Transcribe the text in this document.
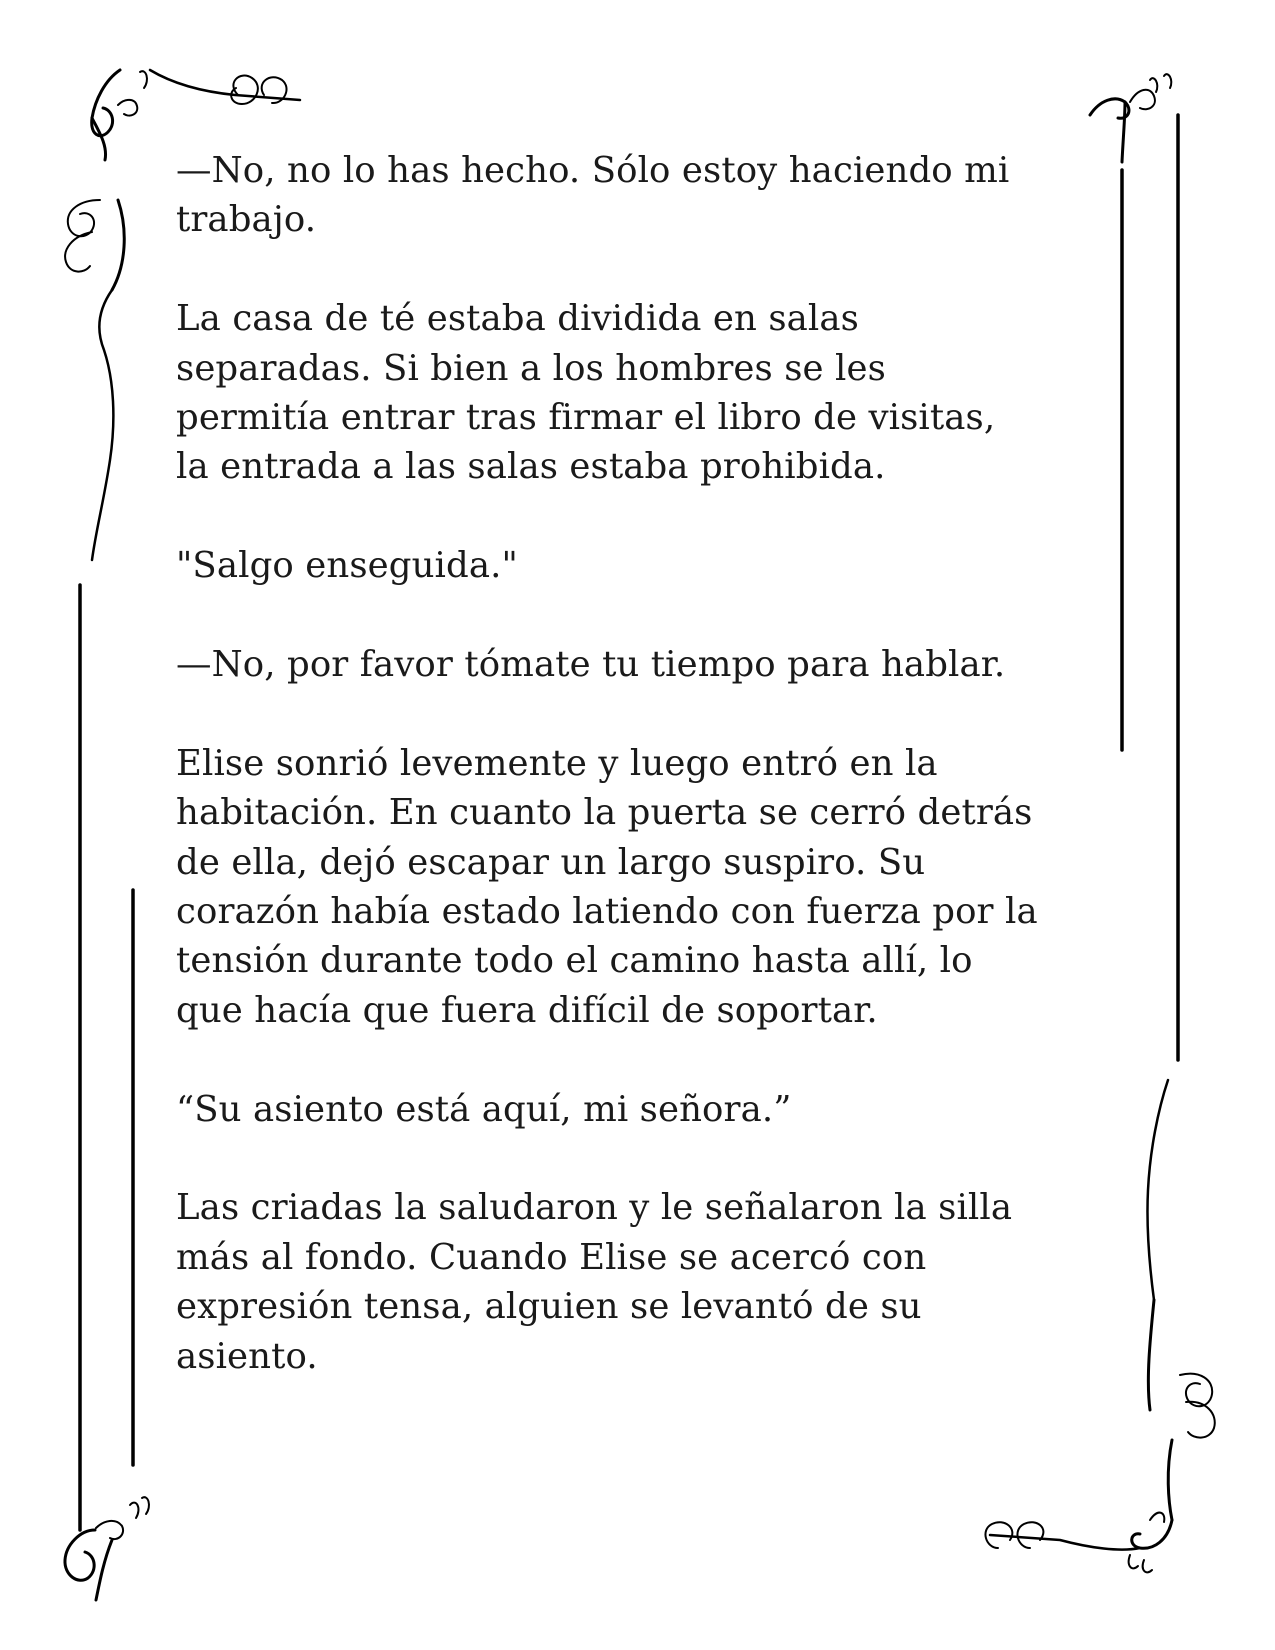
—No, no lo has hecho. Sólo estoy haciendo mi
trabajo.

La casa de té estaba dividida en salas
separadas. Si bien a los hombres se les
permitía entrar tras firmar el libro de visitas,
la entrada a las salas estaba prohibida.

"Salgo enseguida."

—No, por favor tómate tu tiempo para hablar.

Elise sonrió levemente y luego entró en la
habitación. En cuanto la puerta se cerró detrás
de ella, dejó escapar un largo suspiro. Su
corazón había estado latiendo con fuerza por la
tensión durante todo el camino hasta allí, lo
que hacía que fuera difícil de soportar.

“Su asiento está aquí, mi señora.”

Las criadas la saludaron y le señalaron la silla
más al fondo. Cuando Elise se acercó con
expresión tensa, alguien se levantó de su
asiento.
